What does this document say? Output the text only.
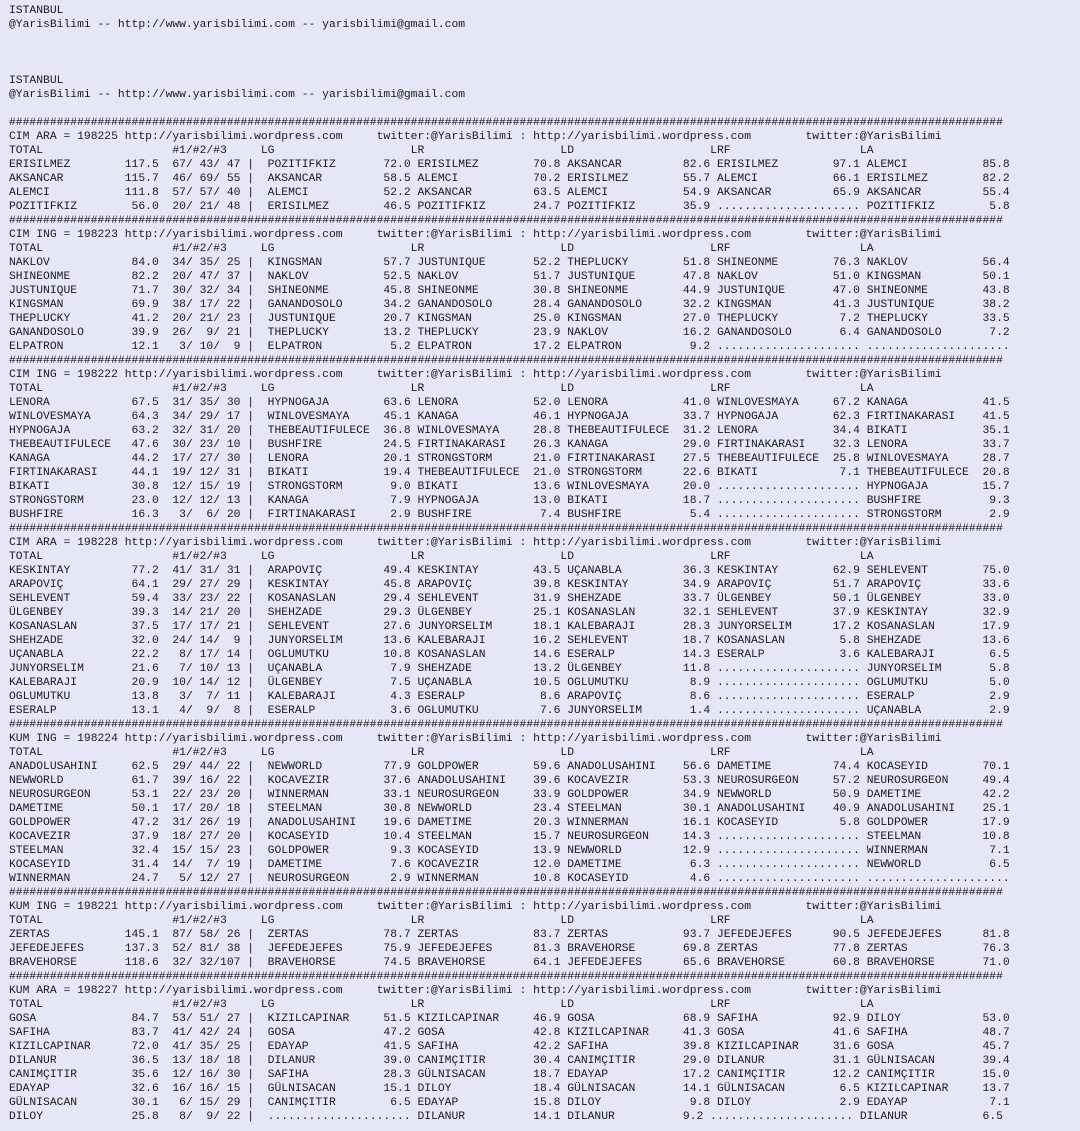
ISTANBUL
@YarisBilimi -- http://www.yarisbilimi.com -- yarisbilimi@gmail.com
ISTANBUL
@YarisBilimi -- http://www.yarisbilimi.com -- yarisbilimi@gmail.com
##################################################################################################################################################
CIM ARA = 198225 http://yarisbilimi.wordpress.com     twitter:@YarisBilimi : http://yarisbilimi.wordpress.com        twitter:@YarisBilimi
TOTAL                   #1/#2/#3     LG                    LR                    LD                    LRF                   LA
ERISILMEZ        117.5  67/ 43/ 47 |  POZITIFKIZ       72.0 ERISILMEZ        70.8 AKSANCAR         82.6 ERISILMEZ        97.1 ALEMCI           85.8
AKSANCAR         115.7  46/ 69/ 55 |  AKSANCAR         58.5 ALEMCI           70.2 ERISILMEZ        55.7 ALEMCI           66.1 ERISILMEZ        82.2
ALEMCI           111.8  57/ 57/ 40 |  ALEMCI           52.2 AKSANCAR         63.5 ALEMCI           54.9 AKSANCAR         65.9 AKSANCAR         55.4
POZITIFKIZ        56.0  20/ 21/ 48 |  ERISILMEZ        46.5 POZITIFKIZ       24.7 POZITIFKIZ       35.9 ..................... POZITIFKIZ        5.8
##################################################################################################################################################
CIM ING = 198223 http://yarisbilimi.wordpress.com     twitter:@YarisBilimi : http://yarisbilimi.wordpress.com        twitter:@YarisBilimi
TOTAL                   #1/#2/#3     LG                    LR                    LD                    LRF                   LA
NAKLOV            84.0  34/ 35/ 25 |  KINGSMAN         57.7 JUSTUNIQUE       52.2 THEPLUCKY        51.8 SHINEONME        76.3 NAKLOV           56.4
SHINEONME         82.2  20/ 47/ 37 |  NAKLOV           52.5 NAKLOV           51.7 JUSTUNIQUE       47.8 NAKLOV           51.0 KINGSMAN         50.1
JUSTUNIQUE        71.7  30/ 32/ 34 |  SHINEONME        45.8 SHINEONME        30.8 SHINEONME        44.9 JUSTUNIQUE       47.0 SHINEONME        43.8
KINGSMAN          69.9  38/ 17/ 22 |  GANANDOSOLO      34.2 GANANDOSOLO      28.4 GANANDOSOLO      32.2 KINGSMAN         41.3 JUSTUNIQUE       38.2
THEPLUCKY         41.2  20/ 21/ 23 |  JUSTUNIQUE       20.7 KINGSMAN         25.0 KINGSMAN         27.0 THEPLUCKY         7.2 THEPLUCKY        33.5
GANANDOSOLO       39.9  26/  9/ 21 |  THEPLUCKY        13.2 THEPLUCKY        23.9 NAKLOV           16.2 GANANDOSOLO       6.4 GANANDOSOLO       7.2
ELPATRON          12.1   3/ 10/  9 |  ELPATRON          5.2 ELPATRON         17.2 ELPATRON          9.2 ..................... .....................
##################################################################################################################################################
CIM ING = 198222 http://yarisbilimi.wordpress.com     twitter:@YarisBilimi : http://yarisbilimi.wordpress.com        twitter:@YarisBilimi
TOTAL                   #1/#2/#3     LG                    LR                    LD                    LRF                   LA
LENORA            67.5  31/ 35/ 30 |  HYPNOGAJA        63.6 LENORA           52.0 LENORA           41.0 WINLOVESMAYA     67.2 KANAGA           41.5
WINLOVESMAYA      64.3  34/ 29/ 17 |  WINLOVESMAYA     45.1 KANAGA           46.1 HYPNOGAJA        33.7 HYPNOGAJA        62.3 FIRTINAKARASI    41.5
HYPNOGAJA         63.2  32/ 31/ 20 |  THEBEAUTIFULECE  36.8 WINLOVESMAYA     28.8 THEBEAUTIFULECE  31.2 LENORA           34.4 BIKATI           35.1
THEBEAUTIFULECE   47.6  30/ 23/ 10 |  BUSHFIRE         24.5 FIRTINAKARASI    26.3 KANAGA           29.0 FIRTINAKARASI    32.3 LENORA           33.7
KANAGA            44.2  17/ 27/ 30 |  LENORA           20.1 STRONGSTORM      21.0 FIRTINAKARASI    27.5 THEBEAUTIFULECE  25.8 WINLOVESMAYA     28.7
FIRTINAKARASI     44.1  19/ 12/ 31 |  BIKATI           19.4 THEBEAUTIFULECE  21.0 STRONGSTORM      22.6 BIKATI            7.1 THEBEAUTIFULECE  20.8
BIKATI            30.8  12/ 15/ 19 |  STRONGSTORM       9.0 BIKATI           13.6 WINLOVESMAYA     20.0 ..................... HYPNOGAJA        15.7
STRONGSTORM       23.0  12/ 12/ 13 |  KANAGA            7.9 HYPNOGAJA        13.0 BIKATI           18.7 ..................... BUSHFIRE          9.3
BUSHFIRE          16.3   3/  6/ 20 |  FIRTINAKARASI     2.9 BUSHFIRE          7.4 BUSHFIRE          5.4 ..................... STRONGSTORM       2.9
##################################################################################################################################################
CIM ARA = 198228 http://yarisbilimi.wordpress.com     twitter:@YarisBilimi : http://yarisbilimi.wordpress.com        twitter:@YarisBilimi
TOTAL                   #1/#2/#3     LG                    LR                    LD                    LRF                   LA
KESKINTAY         77.2  41/ 31/ 31 |  ARAPOVIÇ         49.4 KESKINTAY        43.5 UÇANABLA         36.3 KESKINTAY        62.9 SEHLEVENT        75.0
ARAPOVIÇ          64.1  29/ 27/ 29 |  KESKINTAY        45.8 ARAPOVIÇ         39.8 KESKINTAY        34.9 ARAPOVIÇ         51.7 ARAPOVIÇ         33.6
SEHLEVENT         59.4  33/ 23/ 22 |  KOSANASLAN       29.4 SEHLEVENT        31.9 SHEHZADE         33.7 ÜLGENBEY         50.1 ÜLGENBEY         33.0
ÜLGENBEY          39.3  14/ 21/ 20 |  SHEHZADE         29.3 ÜLGENBEY         25.1 KOSANASLAN       32.1 SEHLEVENT        37.9 KESKINTAY        32.9
KOSANASLAN        37.5  17/ 17/ 21 |  SEHLEVENT        27.6 JUNYORSELIM      18.1 KALEBARAJI       28.3 JUNYORSELIM      17.2 KOSANASLAN       17.9
SHEHZADE          32.0  24/ 14/  9 |  JUNYORSELIM      13.6 KALEBARAJI       16.2 SEHLEVENT        18.7 KOSANASLAN        5.8 SHEHZADE         13.6
UÇANABLA          22.2   8/ 17/ 14 |  OGLUMUTKU        10.8 KOSANASLAN       14.6 ESERALP          14.3 ESERALP           3.6 KALEBARAJI        6.5
JUNYORSELIM       21.6   7/ 10/ 13 |  UÇANABLA          7.9 SHEHZADE         13.2 ÜLGENBEY         11.8 ..................... JUNYORSELIM       5.8
KALEBARAJI        20.9  10/ 14/ 12 |  ÜLGENBEY          7.5 UÇANABLA         10.5 OGLUMUTKU         8.9 ..................... OGLUMUTKU         5.0
OGLUMUTKU         13.8   3/  7/ 11 |  KALEBARAJI        4.3 ESERALP           8.6 ARAPOVIÇ          8.6 ..................... ESERALP           2.9
ESERALP           13.1   4/  9/  8 |  ESERALP           3.6 OGLUMUTKU         7.6 JUNYORSELIM       1.4 ..................... UÇANABLA          2.9
##################################################################################################################################################
KUM ING = 198224 http://yarisbilimi.wordpress.com     twitter:@YarisBilimi : http://yarisbilimi.wordpress.com        twitter:@YarisBilimi
TOTAL                   #1/#2/#3     LG                    LR                    LD                    LRF                   LA
ANADOLUSAHINI     62.5  29/ 44/ 22 |  NEWWORLD         77.9 GOLDPOWER        59.6 ANADOLUSAHINI    56.6 DAMETIME         74.4 KOCASEYID        70.1
NEWWORLD          61.7  39/ 16/ 22 |  KOCAVEZIR        37.6 ANADOLUSAHINI    39.6 KOCAVEZIR        53.3 NEUROSURGEON     57.2 NEUROSURGEON     49.4
NEUROSURGEON      53.1  22/ 23/ 20 |  WINNERMAN        33.1 NEUROSURGEON     33.9 GOLDPOWER        34.9 NEWWORLD         50.9 DAMETIME         42.2
DAMETIME          50.1  17/ 20/ 18 |  STEELMAN         30.8 NEWWORLD         23.4 STEELMAN         30.1 ANADOLUSAHINI    40.9 ANADOLUSAHINI    25.1
GOLDPOWER         47.2  31/ 26/ 19 |  ANADOLUSAHINI    19.6 DAMETIME         20.3 WINNERMAN        16.1 KOCASEYID         5.8 GOLDPOWER        17.9
KOCAVEZIR         37.9  18/ 27/ 20 |  KOCASEYID        10.4 STEELMAN         15.7 NEUROSURGEON     14.3 ..................... STEELMAN         10.8
STEELMAN          32.4  15/ 15/ 23 |  GOLDPOWER         9.3 KOCASEYID        13.9 NEWWORLD         12.9 ..................... WINNERMAN         7.1
KOCASEYID         31.4  14/  7/ 19 |  DAMETIME          7.6 KOCAVEZIR        12.0 DAMETIME          6.3 ..................... NEWWORLD          6.5
WINNERMAN         24.7   5/ 12/ 27 |  NEUROSURGEON      2.9 WINNERMAN        10.8 KOCASEYID         4.6 ..................... .....................
##################################################################################################################################################
KUM ING = 198221 http://yarisbilimi.wordpress.com     twitter:@YarisBilimi : http://yarisbilimi.wordpress.com        twitter:@YarisBilimi
TOTAL                   #1/#2/#3     LG                    LR                    LD                    LRF                   LA
ZERTAS           145.1  87/ 58/ 26 |  ZERTAS           78.7 ZERTAS           83.7 ZERTAS           93.7 JEFEDEJEFES      90.5 JEFEDEJEFES      81.8
JEFEDEJEFES      137.3  52/ 81/ 38 |  JEFEDEJEFES      75.9 JEFEDEJEFES      81.3 BRAVEHORSE       69.8 ZERTAS           77.8 ZERTAS           76.3
BRAVEHORSE       118.6  32/ 32/107 |  BRAVEHORSE       74.5 BRAVEHORSE       64.1 JEFEDEJEFES      65.6 BRAVEHORSE       60.8 BRAVEHORSE       71.0
##################################################################################################################################################
KUM ARA = 198227 http://yarisbilimi.wordpress.com     twitter:@YarisBilimi : http://yarisbilimi.wordpress.com        twitter:@YarisBilimi
TOTAL                   #1/#2/#3     LG                    LR                    LD                    LRF                   LA
GOSA              84.7  53/ 51/ 27 |  KIZILCAPINAR     51.5 KIZILCAPINAR     46.9 GOSA             68.9 SAFIHA           92.9 DILOY            53.0
SAFIHA            83.7  41/ 42/ 24 |  GOSA             47.2 GOSA             42.8 KIZILCAPINAR     41.3 GOSA             41.6 SAFIHA           48.7
KIZILCAPINAR      72.0  41/ 35/ 25 |  EDAYAP           41.5 SAFIHA           42.2 SAFIHA           39.8 KIZILCAPINAR     31.6 GOSA             45.7
DILANUR           36.5  13/ 18/ 18 |  DILANUR          39.0 CANIMÇITIR       30.4 CANIMÇITIR       29.0 DILANUR          31.1 GÜLNISACAN       39.4
CANIMÇITIR        35.6  12/ 16/ 30 |  SAFIHA           28.3 GÜLNISACAN       18.7 EDAYAP           17.2 CANIMÇITIR       12.2 CANIMÇITIR       15.0
EDAYAP            32.6  16/ 16/ 15 |  GÜLNISACAN       15.1 DILOY            18.4 GÜLNISACAN       14.1 GÜLNISACAN        6.5 KIZILCAPINAR     13.7
GÜLNISACAN        30.1   6/ 15/ 29 |  CANIMÇITIR        6.5 EDAYAP           15.8 DILOY             9.8 DILOY             2.9 EDAYAP            7.1
DILOY             25.8   8/  9/ 22 |  ..................... DILANUR          14.1 DILANUR          9.2 ..................... DILANUR           6.5
